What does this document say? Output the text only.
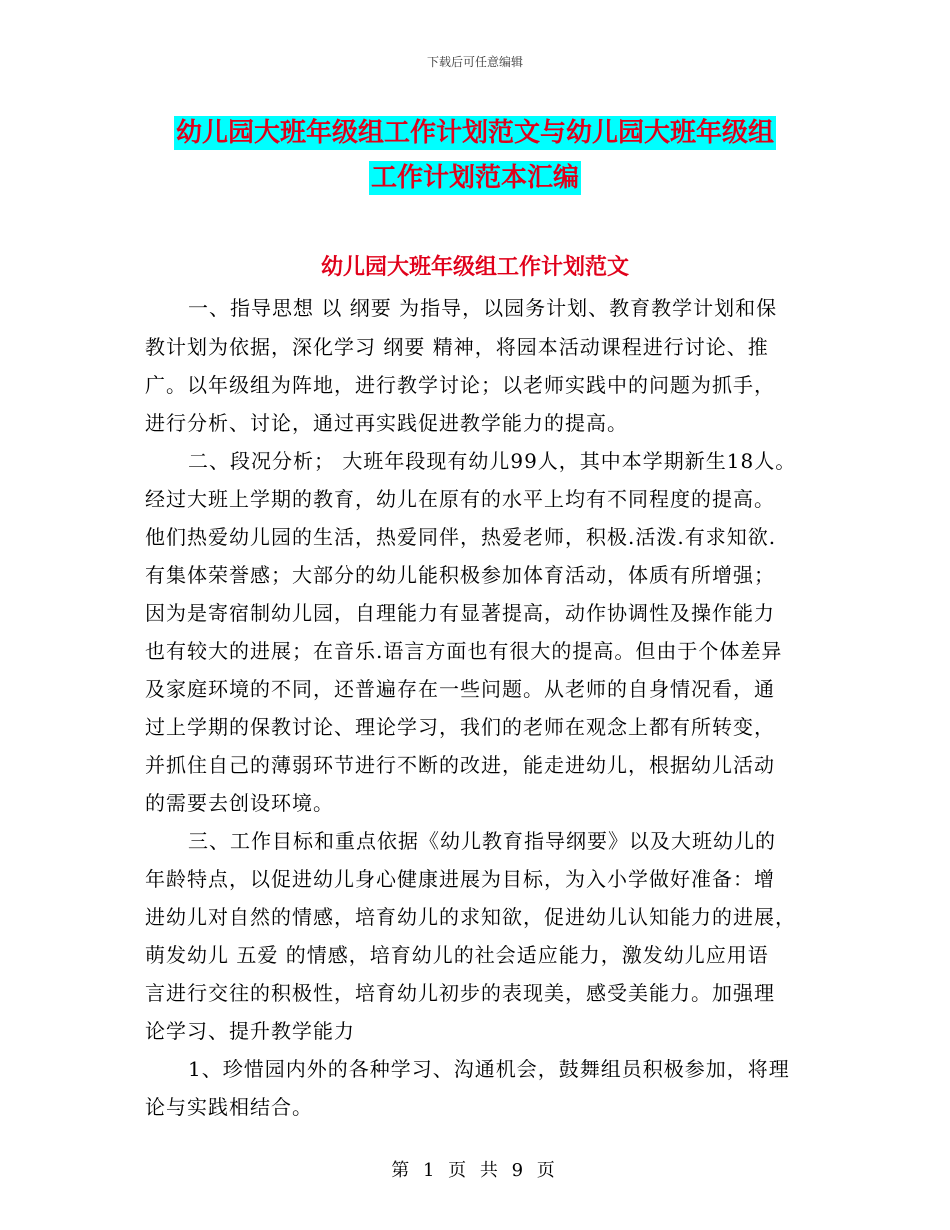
下载后可任意编辑
幼儿园大班年级组工作计划范文与幼儿园大班年级组
工作计划范本汇编
幼儿园大班年级组工作计划范文
一、指导思想 以 纲要 为指导，以园务计划、教育教学计划和保
教计划为依据，深化学习 纲要 精神，将园本活动课程进行讨论、推
广。以年级组为阵地，进行教学讨论；以老师实践中的问题为抓手，
进行分析、讨论，通过再实践促进教学能力的提高。
二、段况分析； 大班年段现有幼儿99人，其中本学期新生18人。
经过大班上学期的教育，幼儿在原有的水平上均有不同程度的提高。
他们热爱幼儿园的生活，热爱同伴，热爱老师，积极.活泼.有求知欲.
有集体荣誉感；大部分的幼儿能积极参加体育活动，体质有所增强；
因为是寄宿制幼儿园，自理能力有显著提高，动作协调性及操作能力
也有较大的进展；在音乐.语言方面也有很大的提高。但由于个体差异
及家庭环境的不同，还普遍存在一些问题。从老师的自身情况看，通
过上学期的保教讨论、理论学习，我们的老师在观念上都有所转变，
并抓住自己的薄弱环节进行不断的改进，能走进幼儿，根据幼儿活动
的需要去创设环境。
三、工作目标和重点依据《幼儿教育指导纲要》以及大班幼儿的
年龄特点，以促进幼儿身心健康进展为目标，为入小学做好准备：增
进幼儿对自然的情感，培育幼儿的求知欲，促进幼儿认知能力的进展，
萌发幼儿 五爱 的情感，培育幼儿的社会适应能力，激发幼儿应用语
言进行交往的积极性，培育幼儿初步的表现美，感受美能力。加强理
论学习、提升教学能力
1、珍惜园内外的各种学习、沟通机会，鼓舞组员积极参加，将理
论与实践相结合。
第 1 页 共 9 页
